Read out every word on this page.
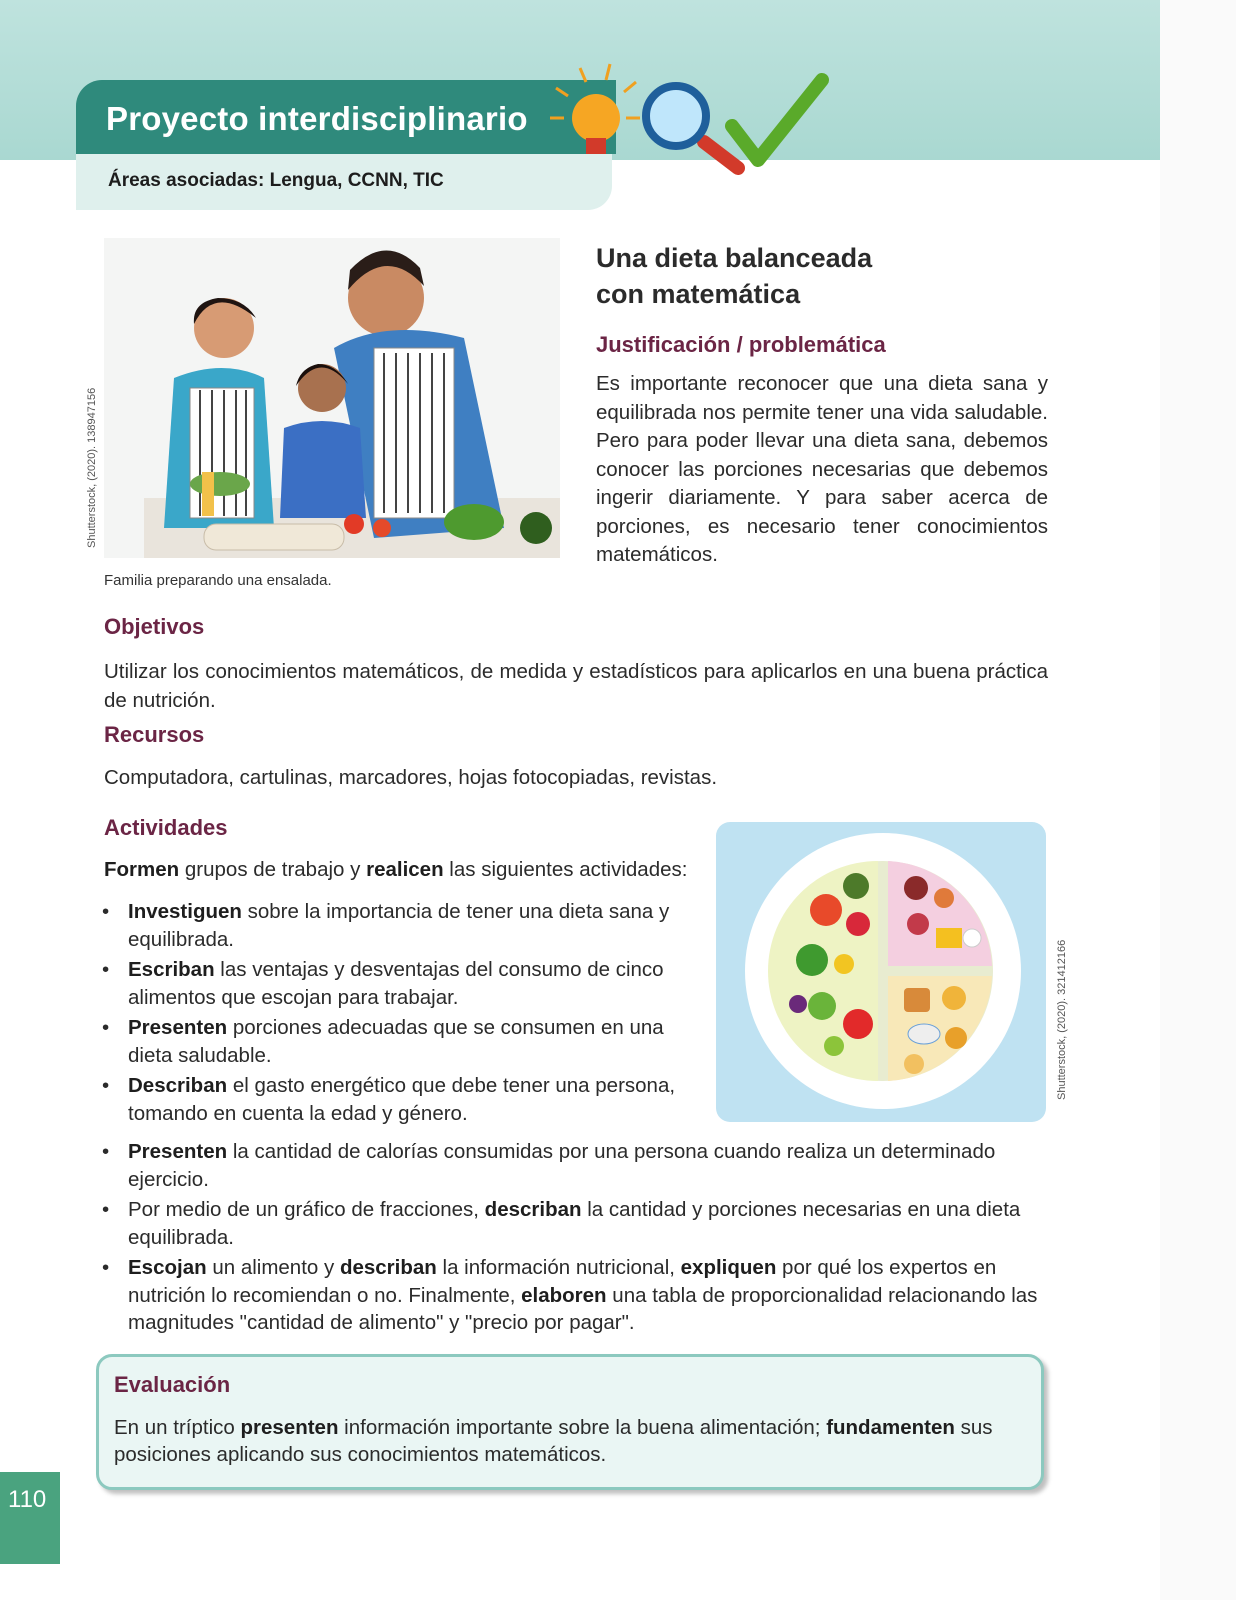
Proyecto interdisciplinario
Áreas asociadas: Lengua, CCNN, TIC
Shutterstock, (2020). 138947156
Familia preparando una ensalada.
Una dieta balanceada
con matemática
Justificación / problemática
Es importante reconocer que una dieta sana y equilibrada nos permite tener una vida saludable. Pero para poder llevar una dieta sana, debemos conocer las porciones necesarias que debemos ingerir diariamente. Y para saber acerca de porciones, es necesario tener conocimientos matemáticos.
Objetivos
Utilizar los conocimientos matemáticos, de medida y estadísticos para aplicarlos en una buena práctica de nutrición.
Recursos
Computadora, cartulinas, marcadores, hojas fotocopiadas, revistas.
Actividades
Formen grupos de trabajo y realicen las siguientes actividades:
• Investiguen sobre la importancia de tener una dieta sana y equilibrada.
• Escriban las ventajas y desventajas del consumo de cinco alimentos que escojan para trabajar.
• Presenten porciones adecuadas que se consumen en una dieta saludable.
• Describan el gasto energético que debe tener una persona, tomando en cuenta la edad y género.
Shutterstock, (2020). 321412166
• Presenten la cantidad de calorías consumidas por una persona cuando realiza un determinado ejercicio.
• Por medio de un gráfico de fracciones, describan la cantidad y porciones necesarias en una dieta equilibrada.
• Escojan un alimento y describan la información nutricional, expliquen por qué los expertos en nutrición lo recomiendan o no. Finalmente, elaboren una tabla de proporcionalidad relacionando las magnitudes "cantidad de alimento" y "precio por pagar".
Evaluación
En un tríptico presenten información importante sobre la buena alimentación; fundamenten sus posiciones aplicando sus conocimientos matemáticos.
110
